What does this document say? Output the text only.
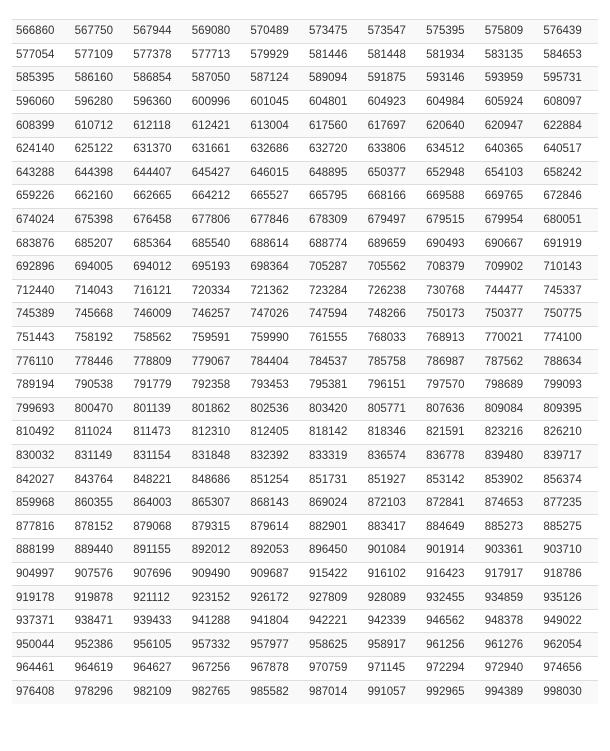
566860	567750	567944	569080	570489	573475	573547	575395	575809	576439
577054	577109	577378	577713	579929	581446	581448	581934	583135	584653
585395	586160	586854	587050	587124	589094	591875	593146	593959	595731
596060	596280	596360	600996	601045	604801	604923	604984	605924	608097
608399	610712	612118	612421	613004	617560	617697	620640	620947	622884
624140	625122	631370	631661	632686	632720	633806	634512	640365	640517
643288	644398	644407	645427	646015	648895	650377	652948	654103	658242
659226	662160	662665	664212	665527	665795	668166	669588	669765	672846
674024	675398	676458	677806	677846	678309	679497	679515	679954	680051
683876	685207	685364	685540	688614	688774	689659	690493	690667	691919
692896	694005	694012	695193	698364	705287	705562	708379	709902	710143
712440	714043	716121	720334	721362	723284	726238	730768	744477	745337
745389	745668	746009	746257	747026	747594	748266	750173	750377	750775
751443	758192	758562	759591	759990	761555	768033	768913	770021	774100
776110	778446	778809	779067	784404	784537	785758	786987	787562	788634
789194	790538	791779	792358	793453	795381	796151	797570	798689	799093
799693	800470	801139	801862	802536	803420	805771	807636	809084	809395
810492	811024	811473	812310	812405	818142	818346	821591	823216	826210
830032	831149	831154	831848	832392	833319	836574	836778	839480	839717
842027	843764	848221	848686	851254	851731	851927	853142	853902	856374
859968	860355	864003	865307	868143	869024	872103	872841	874653	877235
877816	878152	879068	879315	879614	882901	883417	884649	885273	885275
888199	889440	891155	892012	892053	896450	901084	901914	903361	903710
904997	907576	907696	909490	909687	915422	916102	916423	917917	918786
919178	919878	921112	923152	926172	927809	928089	932455	934859	935126
937371	938471	939433	941288	941804	942221	942339	946562	948378	949022
950044	952386	956105	957332	957977	958625	958917	961256	961276	962054
964461	964619	964627	967256	967878	970759	971145	972294	972940	974656
976408	978296	982109	982765	985582	987014	991057	992965	994389	998030
